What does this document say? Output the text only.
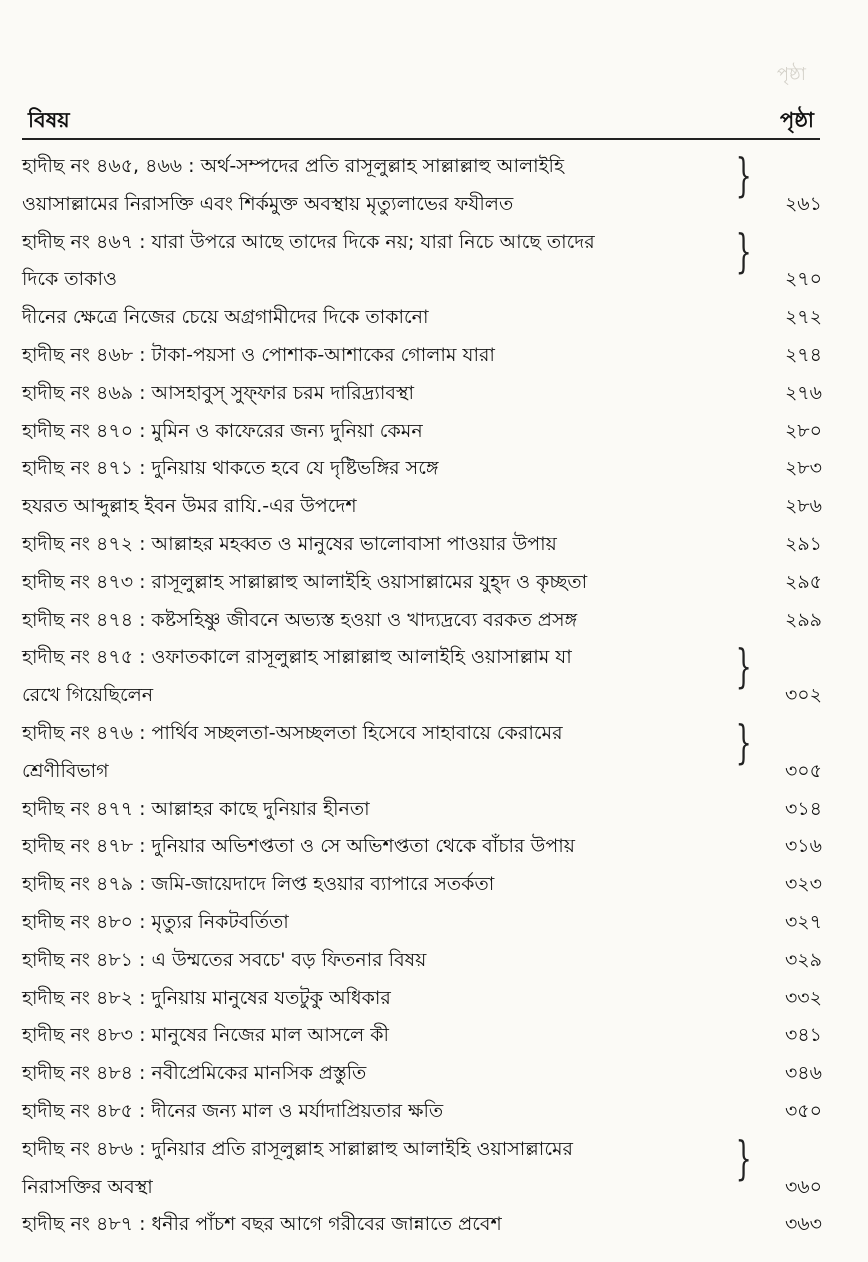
পৃষ্ঠা
বিষয়	পৃষ্ঠা
হাদীছ নং ৪৬৫, ৪৬৬ : অর্থ-সম্পদের প্রতি রাসূলুল্লাহ সাল্লাল্লাহু আলাইহি	}
ওয়াসাল্লামের নিরাসক্তি এবং শির্কমুক্ত অবস্থায় মৃত্যুলাভের ফযীলত	২৬১
হাদীছ নং ৪৬৭ : যারা উপরে আছে তাদের দিকে নয়; যারা নিচে আছে তাদের	}
দিকে তাকাও	২৭০
দীনের ক্ষেত্রে নিজের চেয়ে অগ্রগামীদের দিকে তাকানো	২৭২
হাদীছ নং ৪৬৮ : টাকা-পয়সা ও পোশাক-আশাকের গোলাম যারা	২৭৪
হাদীছ নং ৪৬৯ : আসহাবুস্ সুফ্ফার চরম দারিদ্র্যাবস্থা	২৭৬
হাদীছ নং ৪৭০ : মুমিন ও কাফেরের জন্য দুনিয়া কেমন	২৮০
হাদীছ নং ৪৭১ : দুনিয়ায় থাকতে হবে যে দৃষ্টিভঙ্গির সঙ্গে	২৮৩
হযরত আব্দুল্লাহ ইবন উমর রাযি.-এর উপদেশ	২৮৬
হাদীছ নং ৪৭২ : আল্লাহর মহব্বত ও মানুষের ভালোবাসা পাওয়ার উপায়	২৯১
হাদীছ নং ৪৭৩ : রাসূলুল্লাহ সাল্লাল্লাহু আলাইহি ওয়াসাল্লামের যুহ্দ ও কৃচ্ছতা	২৯৫
হাদীছ নং ৪৭৪ : কষ্টসহিষ্ণু জীবনে অভ্যস্ত হওয়া ও খাদ্যদ্রব্যে বরকত প্রসঙ্গ	২৯৯
হাদীছ নং ৪৭৫ : ওফাতকালে রাসূলুল্লাহ সাল্লাল্লাহু আলাইহি ওয়াসাল্লাম যা	}
রেখে গিয়েছিলেন	৩০২
হাদীছ নং ৪৭৬ : পার্থিব সচ্ছলতা-অসচ্ছলতা হিসেবে সাহাবায়ে কেরামের	}
শ্রেণীবিভাগ	৩০৫
হাদীছ নং ৪৭৭ : আল্লাহর কাছে দুনিয়ার হীনতা	৩১৪
হাদীছ নং ৪৭৮ : দুনিয়ার অভিশপ্ততা ও সে অভিশপ্ততা থেকে বাঁচার উপায়	৩১৬
হাদীছ নং ৪৭৯ : জমি-জায়েদাদে লিপ্ত হওয়ার ব্যাপারে সতর্কতা	৩২৩
হাদীছ নং ৪৮০ : মৃত্যুর নিকটবর্তিতা	৩২৭
হাদীছ নং ৪৮১ : এ উম্মতের সবচে' বড় ফিতনার বিষয়	৩২৯
হাদীছ নং ৪৮২ : দুনিয়ায় মানুষের যতটুকু অধিকার	৩৩২
হাদীছ নং ৪৮৩ : মানুষের নিজের মাল আসলে কী	৩৪১
হাদীছ নং ৪৮৪ : নবীপ্রেমিকের মানসিক প্রস্তুতি	৩৪৬
হাদীছ নং ৪৮৫ : দীনের জন্য মাল ও মর্যাদাপ্রিয়তার ক্ষতি	৩৫০
হাদীছ নং ৪৮৬ : দুনিয়ার প্রতি রাসূলুল্লাহ সাল্লাল্লাহু আলাইহি ওয়াসাল্লামের	}
নিরাসক্তির অবস্থা	৩৬০
হাদীছ নং ৪৮৭ : ধনীর পাঁচশ বছর আগে গরীবের জান্নাতে প্রবেশ	৩৬৩
